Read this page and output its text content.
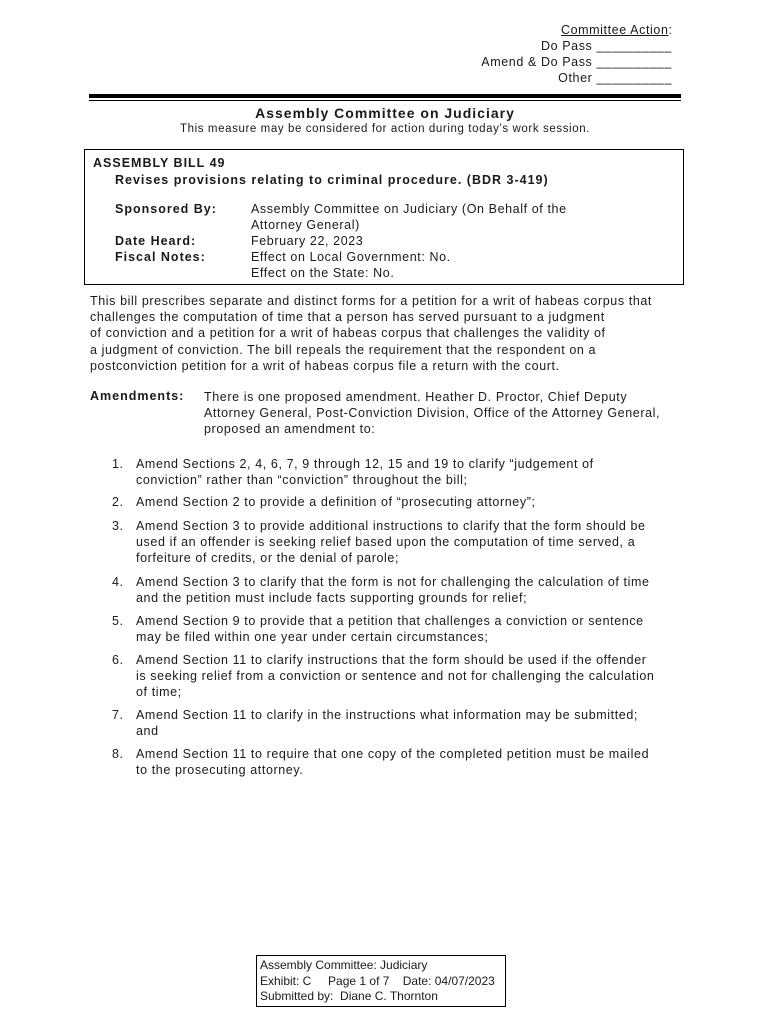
Committee Action:
Do Pass __________
Amend & Do Pass __________
Other __________
Assembly Committee on Judiciary
This measure may be considered for action during today’s work session.
ASSEMBLY BILL 49
Revises provisions relating to criminal procedure. (BDR 3-419)
Sponsored By:	Assembly Committee on Judiciary (On Behalf of the
Attorney General)
Date Heard:	February 22, 2023
Fiscal Notes:	Effect on Local Government: No.
Effect on the State: No.
This bill prescribes separate and distinct forms for a petition for a writ of habeas corpus that
challenges the computation of time that a person has served pursuant to a judgment
of conviction and a petition for a writ of habeas corpus that challenges the validity of
a judgment of conviction. The bill repeals the requirement that the respondent on a
postconviction petition for a writ of habeas corpus file a return with the court.
Amendments: There is one proposed amendment. Heather D. Proctor, Chief Deputy
Attorney General, Post-Conviction Division, Office of the Attorney General,
proposed an amendment to:
1. Amend Sections 2, 4, 6, 7, 9 through 12, 15 and 19 to clarify “judgement of
conviction” rather than “conviction” throughout the bill;
2. Amend Section 2 to provide a definition of “prosecuting attorney”;
3. Amend Section 3 to provide additional instructions to clarify that the form should be
used if an offender is seeking relief based upon the computation of time served, a
forfeiture of credits, or the denial of parole;
4. Amend Section 3 to clarify that the form is not for challenging the calculation of time
and the petition must include facts supporting grounds for relief;
5. Amend Section 9 to provide that a petition that challenges a conviction or sentence
may be filed within one year under certain circumstances;
6. Amend Section 11 to clarify instructions that the form should be used if the offender
is seeking relief from a conviction or sentence and not for challenging the calculation
of time;
7. Amend Section 11 to clarify in the instructions what information may be submitted;
and
8. Amend Section 11 to require that one copy of the completed petition must be mailed
to the prosecuting attorney.
Assembly Committee: Judiciary
Exhibit: C     Page 1 of 7    Date: 04/07/2023
Submitted by:  Diane C. Thornton
